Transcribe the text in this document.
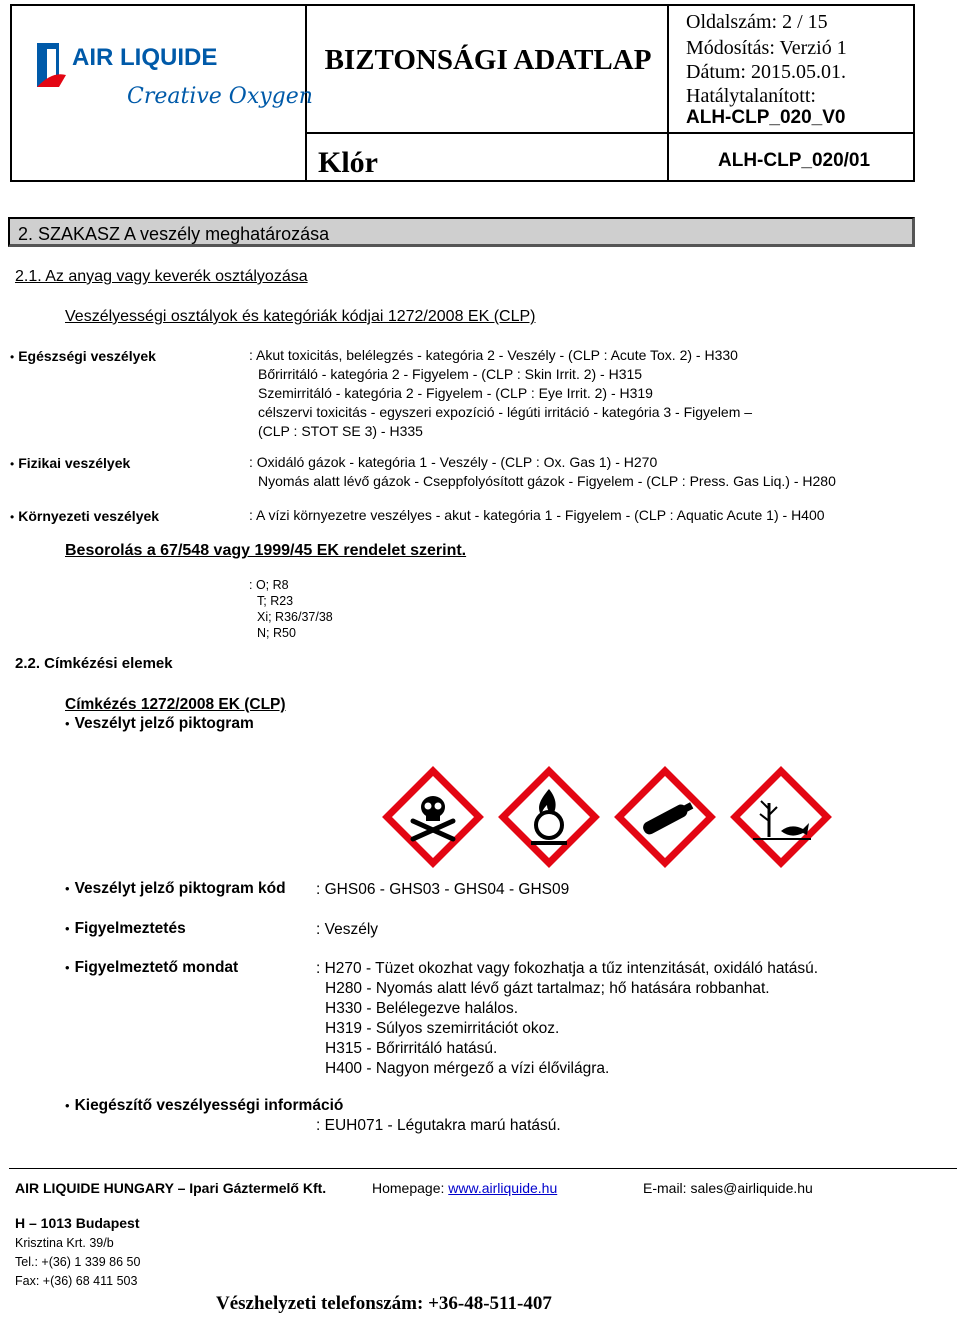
AIR LIQUIDE
Creative Oxygen
BIZTONSÁGI ADATLAP
Oldalszám: 2 / 15
Módosítás: Verzió 1
Dátum: 2015.05.01.
Hatálytalanított:
ALH-CLP_020_V0
Klór	ALH-CLP_020/01
2. SZAKASZ A veszély meghatározása
2.1. Az anyag vagy keverék osztályozása
Veszélyességi osztályok és kategóriák kódjai 1272/2008 EK (CLP)
• Egészségi veszélyek	: Akut toxicitás, belélegzés - kategória 2 - Veszély - (CLP : Acute Tox. 2) - H330
Bőrirritáló - kategória 2 - Figyelem - (CLP : Skin Irrit. 2) - H315
Szemirritáló - kategória 2 - Figyelem - (CLP : Eye Irrit. 2) - H319
célszervi toxicitás - egyszeri expozíció - légúti irritáció - kategória 3 - Figyelem –
(CLP : STOT SE 3) - H335
• Fizikai veszélyek	: Oxidáló gázok - kategória 1 - Veszély - (CLP : Ox. Gas 1) - H270
Nyomás alatt lévő gázok - Cseppfolyósított gázok - Figyelem - (CLP : Press. Gas Liq.) - H280
• Környezeti veszélyek	: A vízi környezetre veszélyes - akut - kategória 1 - Figyelem - (CLP : Aquatic Acute 1) - H400
Besorolás a 67/548 vagy 1999/45 EK rendelet szerint.
: O; R8
T; R23
Xi; R36/37/38
N; R50
2.2. Címkézési elemek
Címkézés 1272/2008 EK (CLP)
• Veszélyt jelző piktogram
• Veszélyt jelző piktogram kód : GHS06 - GHS03 - GHS04 - GHS09
• Figyelmeztetés	: Veszély
• Figyelmeztető mondat	: H270 - Tüzet okozhat vagy fokozhatja a tűz intenzitását, oxidáló hatású.
H280 - Nyomás alatt lévő gázt tartalmaz; hő hatására robbanhat.
H330 - Belélegezve halálos.
H319 - Súlyos szemirritációt okoz.
H315 - Bőrirritáló hatású.
H400 - Nagyon mérgező a vízi élővilágra.
• Kiegészítő veszélyességi információ
: EUH071 - Légutakra marú hatású.
AIR LIQUIDE HUNGARY – Ipari Gáztermelő Kft.	Homepage: www.airliquide.hu	E-mail: sales@airliquide.hu
H – 1013 Budapest
Krisztina Krt. 39/b
Tel.: +(36) 1 339 86 50
Fax: +(36) 68 411 503
Vészhelyzeti telefonszám: +36-48-511-407
